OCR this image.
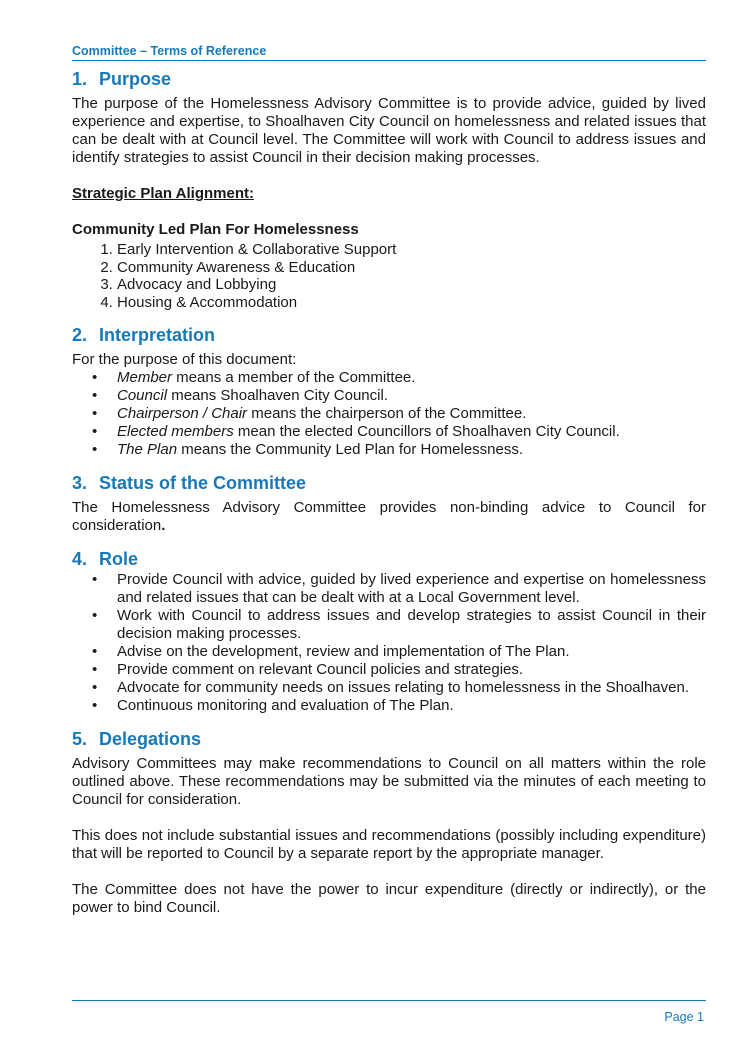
Committee – Terms of Reference
1. Purpose

The purpose of the Homelessness Advisory Committee is to provide advice, guided by lived experience and expertise, to Shoalhaven City Council on homelessness and related issues that can be dealt with at Council level. The Committee will work with Council to address issues and identify strategies to assist Council in their decision making processes.

Strategic Plan Alignment:

Community Led Plan For Homelessness

1. Early Intervention & Collaborative Support
2. Community Awareness & Education
3. Advocacy and Lobbying
4. Housing & Accommodation
2. Interpretation

For the purpose of this document:

• Member means a member of the Committee.
• Council means Shoalhaven City Council.
• Chairperson / Chair means the chairperson of the Committee.
• Elected members mean the elected Councillors of Shoalhaven City Council.
• The Plan means the Community Led Plan for Homelessness.
3. Status of the Committee

The Homelessness Advisory Committee provides non-binding advice to Council for consideration.

4. Role
• Provide Council with advice, guided by lived experience and expertise on homelessness and related issues that can be dealt with at a Local Government level.
• Work with Council to address issues and develop strategies to assist Council in their decision making processes.
• Advise on the development, review and implementation of The Plan.
• Provide comment on relevant Council policies and strategies.
• Advocate for community needs on issues relating to homelessness in the Shoalhaven.
• Continuous monitoring and evaluation of The Plan.
5. Delegations

Advisory Committees may make recommendations to Council on all matters within the role outlined above. These recommendations may be submitted via the minutes of each meeting to Council for consideration.

This does not include substantial issues and recommendations (possibly including expenditure) that will be reported to Council by a separate report by the appropriate manager.

The Committee does not have the power to incur expenditure (directly or indirectly), or the power to bind Council.

Page 1
